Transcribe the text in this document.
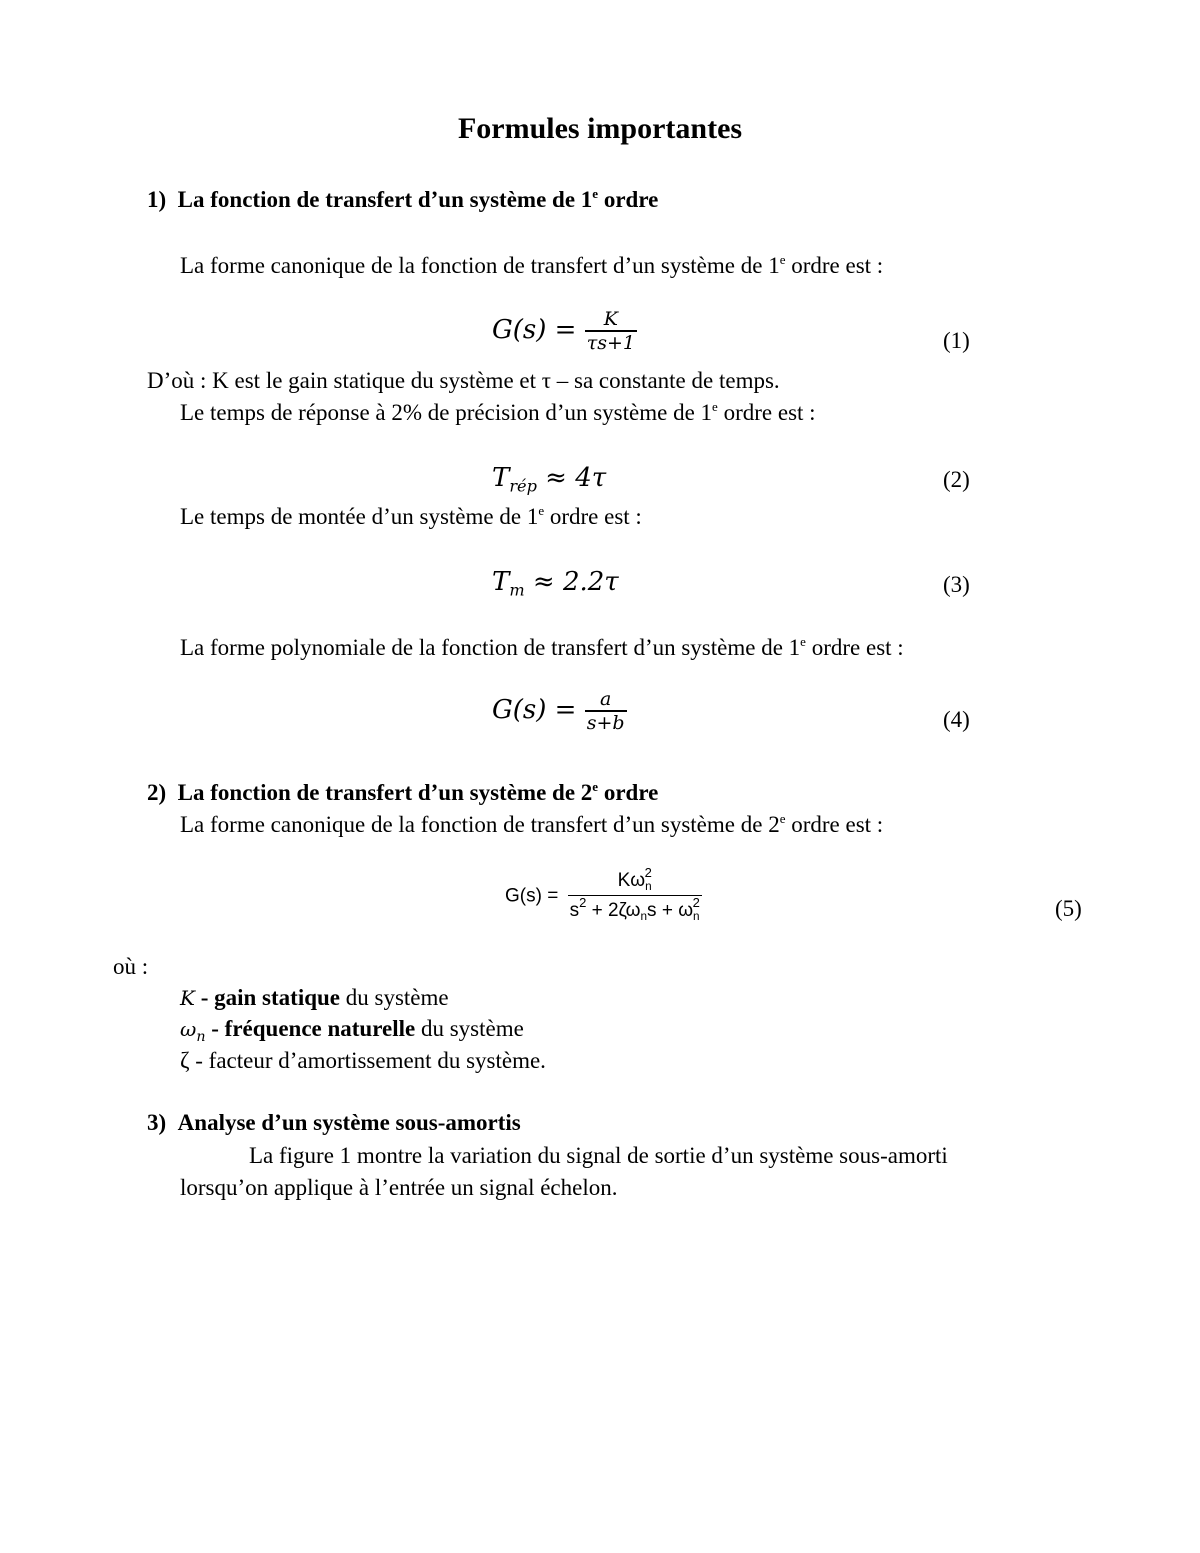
Formules importantes
1) La fonction de transfert d’un système de 1e ordre
La forme canonique de la fonction de transfert d’un système de 1e ordre est :
$G(s) = \frac{K}{\tau s+1}$	(1)
D’où : K est le gain statique du système et τ – sa constante de temps.
Le temps de réponse à 2% de précision d’un système de 1e ordre est :
$T_{rép} \approx 4\tau$	(2)
Le temps de montée d’un système de 1e ordre est :
$T_m \approx 2.2\tau$	(3)
La forme polynomiale de la fonction de transfert d’un système de 1e ordre est :
$G(s) = \frac{a}{s+b}$	(4)
2) La fonction de transfert d’un système de 2e ordre
La forme canonique de la fonction de transfert d’un système de 2e ordre est :
$G(s) = \frac{K\omega_n^2}{s^2 + 2\zeta\omega_ns + \omega_n^2}$	(5)
où :
K - gain statique du système
$\omega_n$ - fréquence naturelle du système
ζ - facteur d’amortissement du système.
3) Analyse d’un système sous-amortis
La figure 1 montre la variation du signal de sortie d’un système sous-amorti
lorsqu’on applique à l’entrée un signal échelon.
